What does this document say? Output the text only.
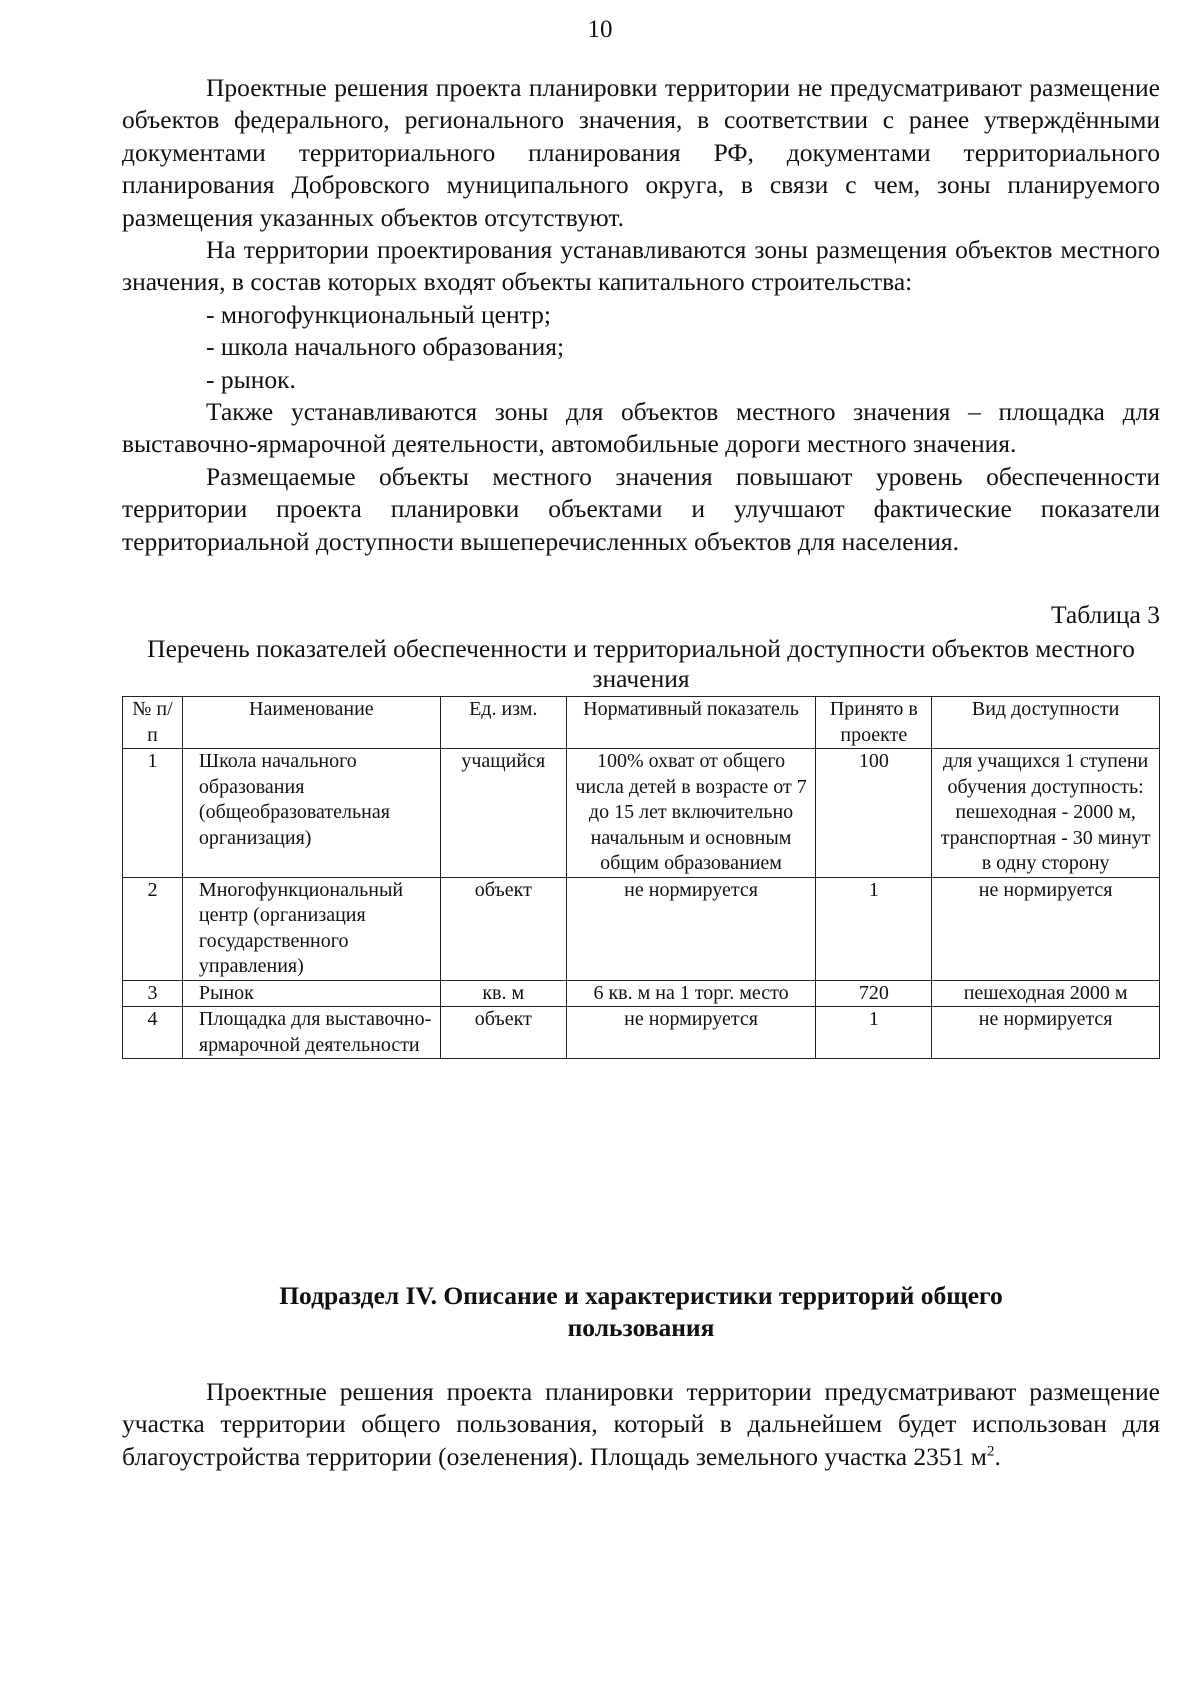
10

Проектные решения проекта планировки территории не предусматривают размещение объектов федерального, регионального значения, в соответствии с ранее утверждёнными документами территориального планирования РФ, документами территориального планирования Добровского муниципального округа, в связи с чем, зоны планируемого размещения указанных объектов отсутствуют.

На территории проектирования устанавливаются зоны размещения объектов местного значения, в состав которых входят объекты капитального строительства:

- многофункциональный центр;

- школа начального образования;

- рынок.

Также устанавливаются зоны для объектов местного значения – площадка для выставочно-ярмарочной деятельности, автомобильные дороги местного значения.

Размещаемые объекты местного значения повышают уровень обеспеченности территории проекта планировки объектами и улучшают фактические показатели территориальной доступности вышеперечисленных объектов для населения.

Таблица 3
Перечень показателей обеспеченности и территориальной доступности объектов местного значения
№ п/п	Наименование	Ед. изм.	Нормативный показатель	Принято в проекте	Вид доступности
1	Школа начального образования (общеобразовательная организация)	учащийся	100% охват от общего числа детей в возрасте от 7 до 15 лет включительно начальным и основным общим образованием	100	для учащихся 1 ступени обучения доступность: пешеходная - 2000 м, транспортная - 30 минут в одну сторону
2	Многофункциональный центр (организация государственного управления)	объект	не нормируется	1	не нормируется
3	Рынок	кв. м	6 кв. м на 1 торг. место	720	пешеходная 2000 м
4	Площадка для выставочно-ярмарочной деятельности	объект	не нормируется	1	не нормируется
Подраздел IV. Описание и характеристики территорий общего
пользования

Проектные решения проекта планировки территории предусматривают размещение участка территории общего пользования, который в дальнейшем будет использован для благоустройства территории (озеленения). Площадь земельного участка 2351 $м^2$.
